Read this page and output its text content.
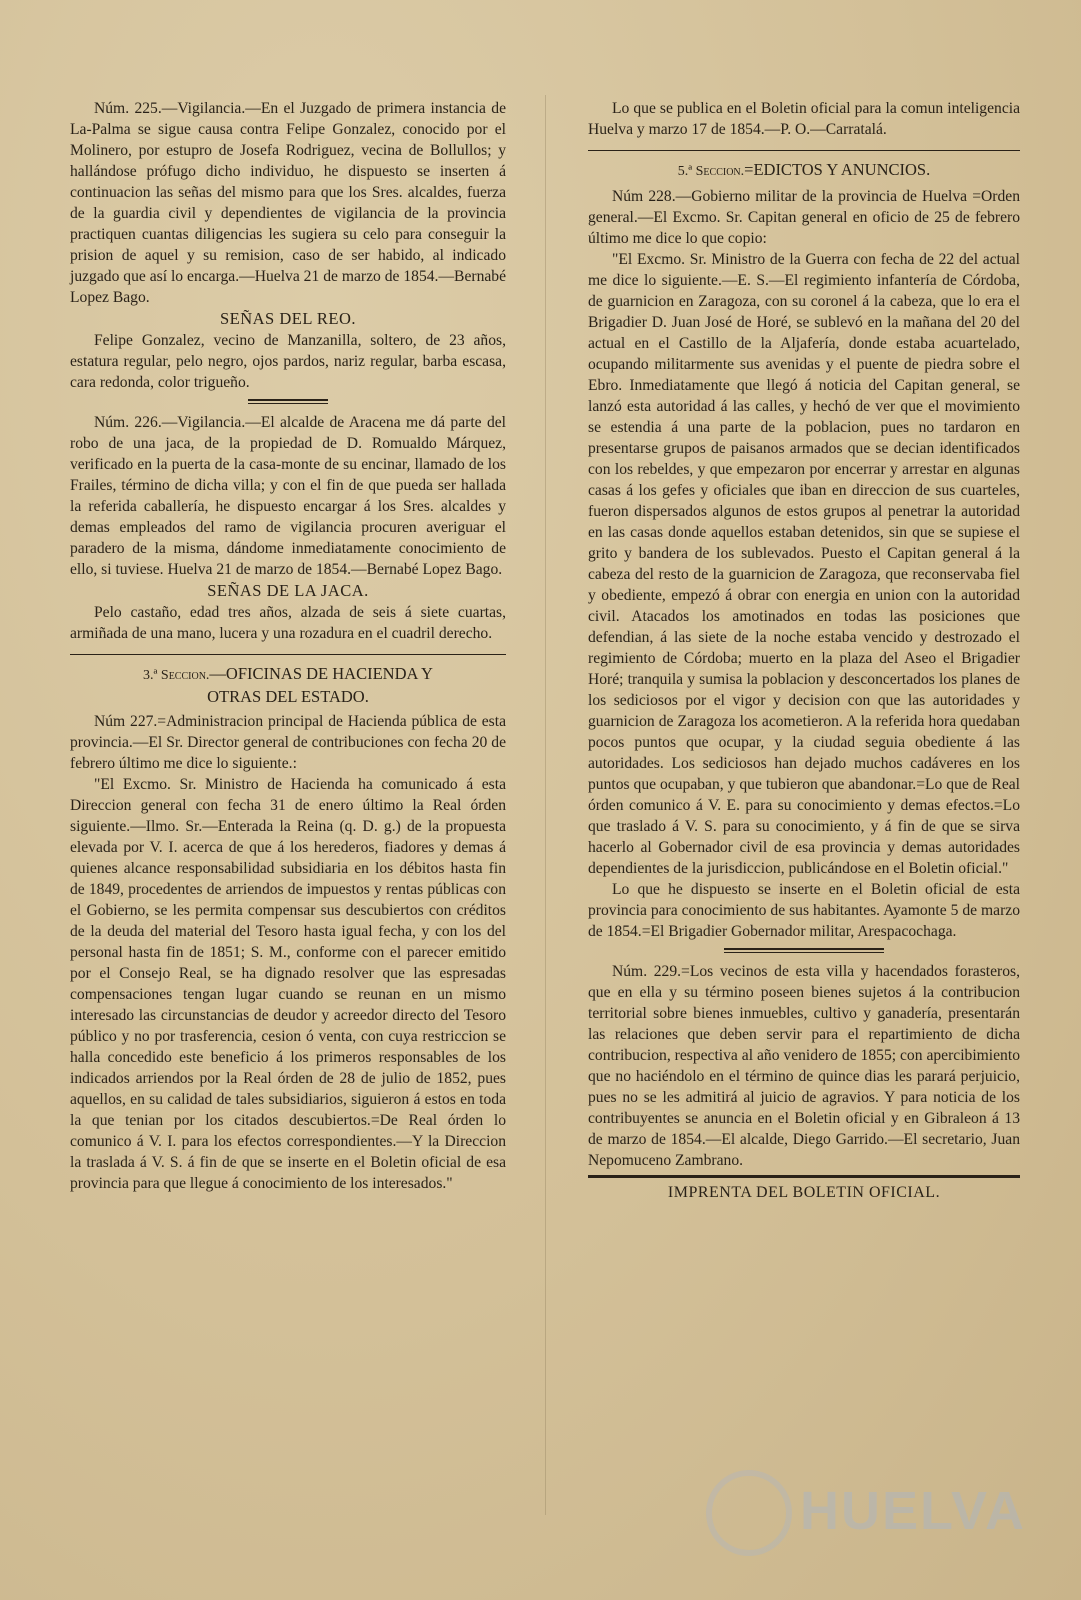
Núm. 225.—Vigilancia.—En el Juzgado de primera instancia de La-Palma se sigue causa contra Felipe Gonzalez, conocido por el Molinero, por estupro de Josefa Rodriguez, vecina de Bollullos; y hallándose prófugo dicho individuo, he dispuesto se inserten á continuacion las señas del mismo para que los Sres. alcaldes, fuerza de la guardia civil y dependientes de vigilancia de la provincia practiquen cuantas diligencias les sugiera su celo para conseguir la prision de aquel y su remision, caso de ser habido, al indicado juzgado que así lo encarga.—Huelva 21 de marzo de 1854.—Bernabé Lopez Bago.

SEÑAS DEL REO.

Felipe Gonzalez, vecino de Manzanilla, soltero, de 23 años, estatura regular, pelo negro, ojos pardos, nariz regular, barba escasa, cara redonda, color trigueño.

Núm. 226.—Vigilancia.—El alcalde de Aracena me dá parte del robo de una jaca, de la propiedad de D. Romualdo Márquez, verificado en la puerta de la casa-monte de su encinar, llamado de los Frailes, término de dicha villa; y con el fin de que pueda ser hallada la referida caballería, he dispuesto encargar á los Sres. alcaldes y demas empleados del ramo de vigilancia procuren averiguar el paradero de la misma, dándome inmediatamente conocimiento de ello, si tuviese. Huelva 21 de marzo de 1854.—Bernabé Lopez Bago.

SEÑAS DE LA JACA.

Pelo castaño, edad tres años, alzada de seis á siete cuartas, armiñada de una mano, lucera y una rozadura en el cuadril derecho.

3.ª Seccion.—OFICINAS DE HACIENDA Y
OTRAS DEL ESTADO.

Núm 227.=Administracion principal de Hacienda pública de esta provincia.—El Sr. Director general de contribuciones con fecha 20 de febrero último me dice lo siguiente.:

"El Excmo. Sr. Ministro de Hacienda ha comunicado á esta Direccion general con fecha 31 de enero último la Real órden siguiente.—Ilmo. Sr.—Enterada la Reina (q. D. g.) de la propuesta elevada por V. I. acerca de que á los herederos, fiadores y demas á quienes alcance responsabilidad subsidiaria en los débitos hasta fin de 1849, procedentes de arriendos de impuestos y rentas públicas con el Gobierno, se les permita compensar sus descubiertos con créditos de la deuda del material del Tesoro hasta igual fecha, y con los del personal hasta fin de 1851; S. M., conforme con el parecer emitido por el Consejo Real, se ha dignado resolver que las espresadas compensaciones tengan lugar cuando se reunan en un mismo interesado las circunstancias de deudor y acreedor directo del Tesoro público y no por trasferencia, cesion ó venta, con cuya restriccion se halla concedido este beneficio á los primeros responsables de los indicados arriendos por la Real órden de 28 de julio de 1852, pues aquellos, en su calidad de tales subsidiarios, siguieron á estos en toda la que tenian por los citados descubiertos.=De Real órden lo comunico á V. I. para los efectos correspondientes.—Y la Direccion la traslada á V. S. á fin de que se inserte en el Boletin oficial de esa provincia para que llegue á conocimiento de los interesados."

Lo que se publica en el Boletin oficial para la comun inteligencia Huelva y marzo 17 de 1854.—P. O.—Carratalá.

5.ª Seccion.=EDICTOS Y ANUNCIOS.

Núm 228.—Gobierno militar de la provincia de Huelva =Orden general.—El Excmo. Sr. Capitan general en oficio de 25 de febrero último me dice lo que copio:

"El Excmo. Sr. Ministro de la Guerra con fecha de 22 del actual me dice lo siguiente.—E. S.—El regimiento infantería de Córdoba, de guarnicion en Zaragoza, con su coronel á la cabeza, que lo era el Brigadier D. Juan José de Horé, se sublevó en la mañana del 20 del actual en el Castillo de la Aljafería, donde estaba acuartelado, ocupando militarmente sus avenidas y el puente de piedra sobre el Ebro. Inmediatamente que llegó á noticia del Capitan general, se lanzó esta autoridad á las calles, y hechó de ver que el movimiento se estendia á una parte de la poblacion, pues no tardaron en presentarse grupos de paisanos armados que se decian identificados con los rebeldes, y que empezaron por encerrar y arrestar en algunas casas á los gefes y oficiales que iban en direccion de sus cuarteles, fueron dispersados algunos de estos grupos al penetrar la autoridad en las casas donde aquellos estaban detenidos, sin que se supiese el grito y bandera de los sublevados. Puesto el Capitan general á la cabeza del resto de la guarnicion de Zaragoza, que reconservaba fiel y obediente, empezó á obrar con energia en union con la autoridad civil. Atacados los amotinados en todas las posiciones que defendian, á las siete de la noche estaba vencido y destrozado el regimiento de Córdoba; muerto en la plaza del Aseo el Brigadier Horé; tranquila y sumisa la poblacion y desconcertados los planes de los sediciosos por el vigor y decision con que las autoridades y guarnicion de Zaragoza los acometieron. A la referida hora quedaban pocos puntos que ocupar, y la ciudad seguia obediente á las autoridades. Los sediciosos han dejado muchos cadáveres en los puntos que ocupaban, y que tubieron que abandonar.=Lo que de Real órden comunico á V. E. para su conocimiento y demas efectos.=Lo que traslado á V. S. para su conocimiento, y á fin de que se sirva hacerlo al Gobernador civil de esa provincia y demas autoridades dependientes de la jurisdiccion, publicándose en el Boletin oficial."

Lo que he dispuesto se inserte en el Boletin oficial de esta provincia para conocimiento de sus habitantes. Ayamonte 5 de marzo de 1854.=El Brigadier Gobernador militar, Arespacochaga.

Núm. 229.=Los vecinos de esta villa y hacendados forasteros, que en ella y su término poseen bienes sujetos á la contribucion territorial sobre bienes inmuebles, cultivo y ganadería, presentarán las relaciones que deben servir para el repartimiento de dicha contribucion, respectiva al año venidero de 1855; con apercibimiento que no haciéndolo en el término de quince dias les parará perjuicio, pues no se les admitirá al juicio de agravios. Y para noticia de los contribuyentes se anuncia en el Boletin oficial y en Gibraleon á 13 de marzo de 1854.—El alcalde, Diego Garrido.—El secretario, Juan Nepomuceno Zambrano.

IMPRENTA DEL BOLETIN OFICIAL.

HUELVA
